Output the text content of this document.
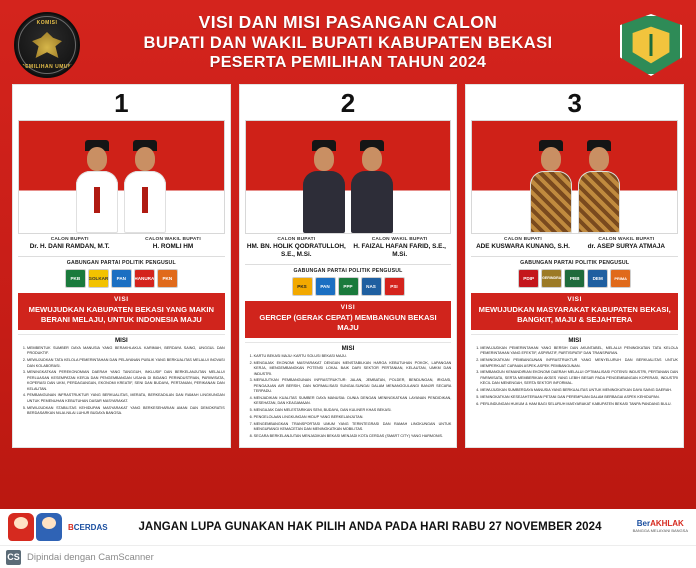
KOMISI
PEMILIHAN UMUM
VISI DAN MISI PASANGAN CALON
BUPATI DAN WAKIL BUPATI KABUPATEN BEKASI
PESERTA PEMILIHAN TAHUN 2024
1
CALON BUPATI
Dr. H. DANI RAMDAN, M.T.
CALON WAKIL BUPATI
H. ROMLI HM
GABUNGAN PARTAI POLITIK PENGUSUL
PKB	GOLKAR	PAN	HANURA	PKN
VISI
MEWUJUDKAN KABUPATEN BEKASI YANG MAKIN BERANI MELAJU, UNTUK INDONESIA MAJU
MISI
1. MEMBENTUK SUMBER DAYA MANUSIA YANG BERAKHLAKUL KARIMAH, BERDAYA SAING, UNGGUL DAN PRODUKTIF.
2. MEWUJUDKAN TATA KELOLA PEMERINTAHAN DAN PELAYANAN PUBLIK YANG BERKUALITAS MELALUI INOVASI DAN KOLABORASI.
3. MENINGKATKAN PEREKONOMIAN DAERAH YANG TANGGUH, INKLUSIF DAN BERKELANJUTAN MELALUI PERLUASAN KESEMPATAN KERJA DAN PENGEMBANGAN USAHA DI BIDANG PERINDUSTRIAN, PARIWISATA, KOPERASI DAN UKM, PERDAGANGAN, EKONOMI KREATIF, SENI DAN BUDAYA, PERTANIAN, PERIKANAN DAN KELAUTAN.
4. PEMBANGUNAN INFRASTRUKTUR YANG BERKUALITAS, MERATA, BERKEADILAN DAN RAMAH LINGKUNGAN UNTUK PEMENUHAN KEBUTUHAN DASAR MASYARAKAT.
5. MEWUJUDKAN STABILITAS KEHIDUPAN MASYARAKAT YANG BERKESEHARIAN AMAN DAN DEMOKRATIS BERDASARKAN NILAI-NILAI LUHUR BUDAYA BANGSA.
2
CALON BUPATI
HM. BN. HOLIK QODRATULLOH, S.E., M.Si.
CALON WAKIL BUPATI
H. FAIZAL HAFAN FARID, S.E., M.Si.
GABUNGAN PARTAI POLITIK PENGUSUL
PKS	PAN	PPP	NAS	PSI
VISI
GERCEP (GERAK CEPAT) MEMBANGUN BEKASI MAJU
MISI
1. KARTU BEKASI MAJU: KARTU SOLUSI BEKASI MAJU.
2. MENGAJAK EKONOMI MASYARAKAT DENGAN MENSTABILKAN HARGA KEBUTUHAN POKOK, LAPANGAN KERJA, MENGEMBANGKAN POTENSI LOKAL BAIK DARI SEKTOR PERTANIAN, KELAUTAN, UMKM DAN INDUSTRI.
3. MERAJUTKAN PEMBANGUNAN INFRASTRUKTUR: JALAN, JEMBATAN, POLDER, BENDUNGAN, IRIGASI, PENGAJUAN AIR BERSIH, DAN NORMALISASI SUNGAI-SUNGAI DALAM MENANGGULANGI BANJIR SECARA TERPADU.
4. MENJADIKAN KUALITAS SUMBER DAYA MANUSIA: DUNIA DENGAN MENINGKATKAN LAYANAN PENDIDIKAN, KESEHATAN, DAN KEAGAMAAN.
5. MENGAJAK DAN MELESTARIKAN SENI, BUDAYA, DAN KULINER KHAS BEKASI.
6. PENGELOLAAN LINGKUNGAN HIDUP YANG BERKELANJUTAN.
7. MENGEMBANGKAN TRANSPORTASI UMUM YANG TERINTEGRASI DAN RAMAH LINGKUNGAN UNTUK MENGURANGI KEMACETAN DAN MENINGKATKAN MOBILITAS.
8. SECARA BERKELANJUTAN MENJADIKAN BEKASI MENJADI KOTA CERDAS (SMART CITY) YANG HARMONIS.
3
CALON BUPATI
ADE KUSWARA KUNANG, S.H.
CALON WAKIL BUPATI
dr. ASEP SURYA ATMAJA
GABUNGAN PARTAI POLITIK PENGUSUL
PDIP	GERINDRA	PBB	DEM	PRIMA
VISI
MEWUJUDKAN MASYARAKAT KABUPATEN BEKASI, BANGKIT, MAJU & SEJAHTERA
MISI
1. MEWUJUDKAN PEMERINTAHAN YANG BERSIH DAN AKUNTABEL, MELALUI PENINGKATAN TATA KELOLA PEMERINTAHAN YANG EFEKTIF, ASPIRATIF, PARTISIPATIF DAN TRANSPARAN.
2. MENINGKATKAN PEMBANGUNAN INFRASTRUKTUR YANG MENYELURUH DAN BERKUALITAS UNTUK MEMPERKUAT CAPAIAN ASPEK-ASPEK PEMBANGUNAN.
3. MEMBANGUN KEMANDIRIAN EKONOMI DAERAH MELALUI OPTIMALISASI POTENSI INDUSTRI, PERTANIAN DAN PARIWISATA, SERTA MEMBERIKAN AKSES YANG LEBIH BESAR PADA PENGEMBANGAN KOPERASI, INDUSTRI KECIL DAN MENENGAH, SERTA SEKTOR INFORMAL.
4. MEWUJUDKAN SUMBERDAYA MANUSIA YANG BERKUALITAS UNTUK MENINGKATKAN DAYA SAING DAERAH.
5. MENINGKATKAN KESEJAHTERAAN PETANI DAN PEREMPUAN DALAM BERBAGAI ASPEK KEHIDUPAN.
6. PERLINDUNGAN HUKUM & HAM BAGI SELURUH MASYARAKAT KABUPATEN BEKASI TANPA PANDANG BULU.
BCERDAS	JANGAN LUPA GUNAKAN HAK PILIH ANDA PADA HARI RABU 27 NOVEMBER 2024	BerAKHLAK
BANGGA MELAYANI BANGSA
CS Dipindai dengan CamScanner
